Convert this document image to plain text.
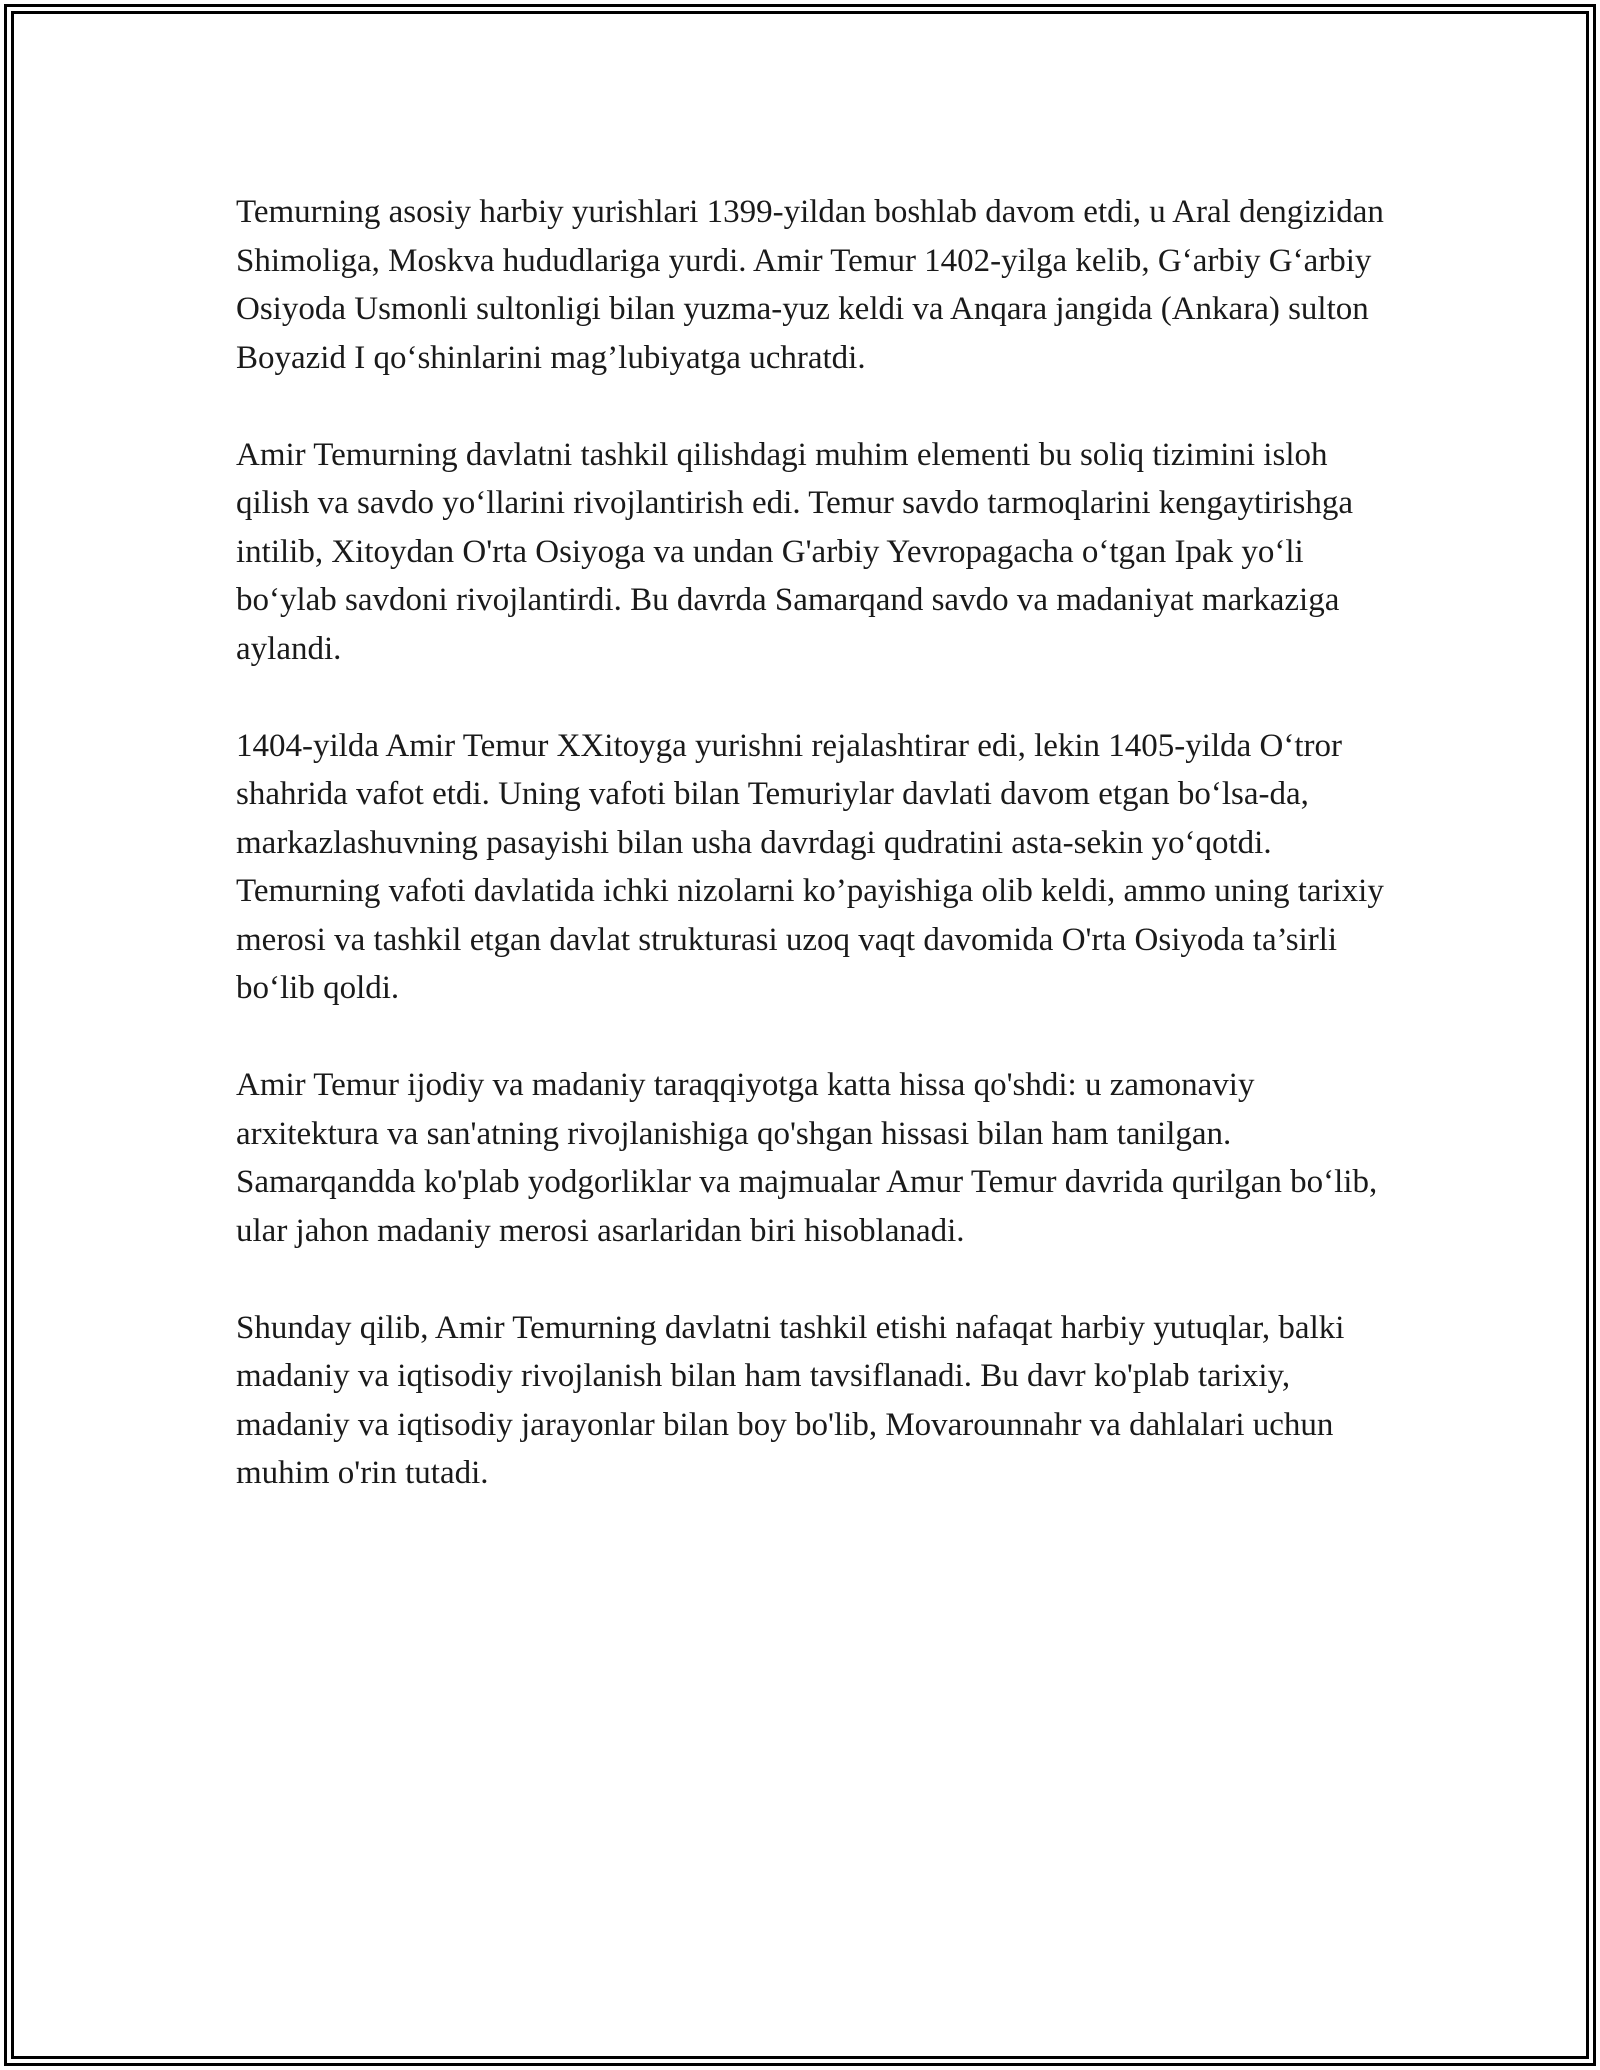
Temurning asosiy harbiy yurishlari 1399-yildan boshlab davom etdi, u Aral dengizidan Shimoliga, Moskva hududlariga yurdi. Amir Temur 1402-yilga kelib, G‘arbiy G‘arbiy Osiyoda Usmonli sultonligi bilan yuzma-yuz keldi va Anqara jangida (Ankara) sulton Boyazid I qo‘shinlarini mag’lubiyatga uchratdi.

Amir Temurning davlatni tashkil qilishdagi muhim elementi bu soliq tizimini isloh qilish va savdo yo‘llarini rivojlantirish edi. Temur savdo tarmoqlarini kengaytirishga intilib, Xitoydan O'rta Osiyoga va undan G'arbiy Yevropagacha o‘tgan Ipak yo‘li bo‘ylab savdoni rivojlantirdi. Bu davrda Samarqand savdo va madaniyat markaziga aylandi.

1404-yilda Amir Temur XXitoyga yurishni rejalashtirar edi, lekin 1405-yilda O‘tror shahrida vafot etdi. Uning vafoti bilan Temuriylar davlati davom etgan bo‘lsa-da, markazlashuvning pasayishi bilan usha davrdagi qudratini asta-sekin yo‘qotdi. Temurning vafoti davlatida ichki nizolarni ko’payishiga olib keldi, ammo uning tarixiy merosi va tashkil etgan davlat strukturasi uzoq vaqt davomida O'rta Osiyoda ta’sirli bo‘lib qoldi.

Amir Temur ijodiy va madaniy taraqqiyotga katta hissa qo'shdi: u zamonaviy arxitektura va san'atning rivojlanishiga qo'shgan hissasi bilan ham tanilgan. Samarqandda ko'plab yodgorliklar va majmualar Amur Temur davrida qurilgan bo‘lib, ular jahon madaniy merosi asarlaridan biri hisoblanadi.

Shunday qilib, Amir Temurning davlatni tashkil etishi nafaqat harbiy yutuqlar, balki madaniy va iqtisodiy rivojlanish bilan ham tavsiflanadi. Bu davr ko'plab tarixiy, madaniy va iqtisodiy jarayonlar bilan boy bo'lib, Movarounnahr va dahlalari uchun muhim o'rin tutadi.
